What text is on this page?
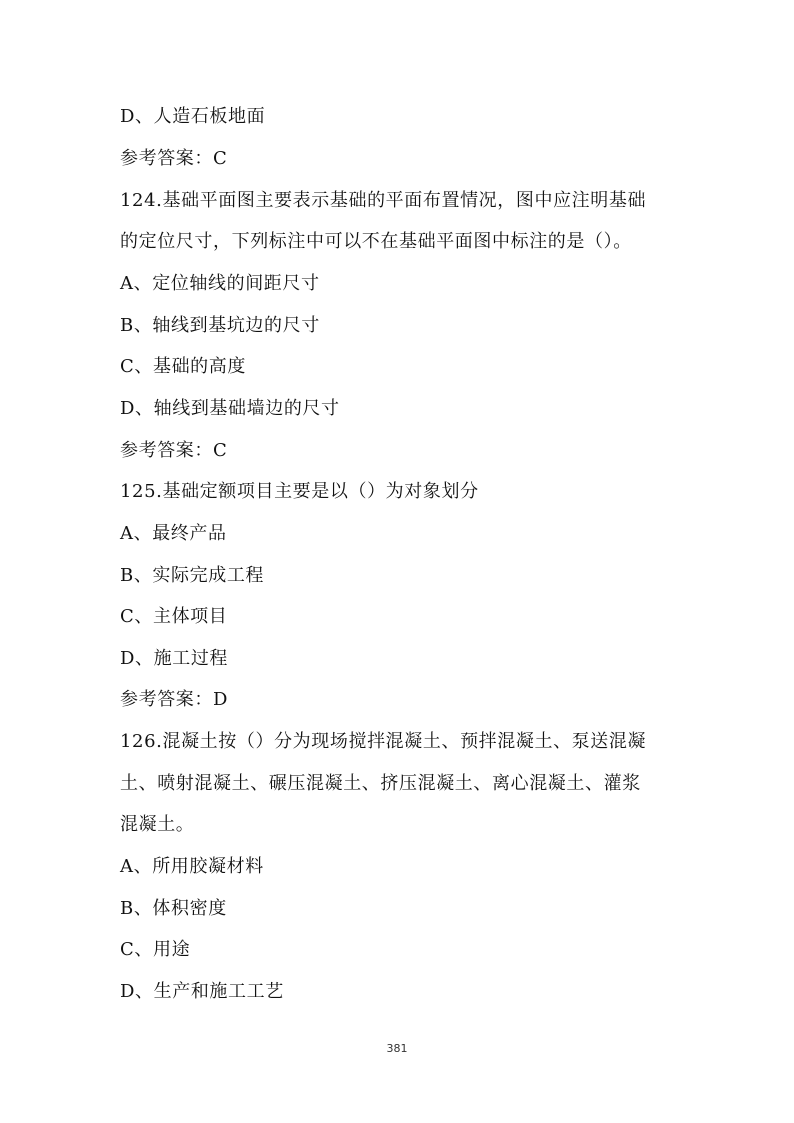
D、人造石板地面
参考答案：C
124.基础平面图主要表示基础的平面布置情况，图中应注明基础
的定位尺寸，下列标注中可以不在基础平面图中标注的是（）。
A、定位轴线的间距尺寸
B、轴线到基坑边的尺寸
C、基础的高度
D、轴线到基础墙边的尺寸
参考答案：C
125.基础定额项目主要是以（）为对象划分
A、最终产品
B、实际完成工程
C、主体项目
D、施工过程
参考答案：D
126.混凝土按（）分为现场搅拌混凝土、预拌混凝土、泵送混凝
土、喷射混凝土、碾压混凝土、挤压混凝土、离心混凝土、灌浆
混凝土。
A、所用胶凝材料
B、体积密度
C、用途
D、生产和施工工艺
381
